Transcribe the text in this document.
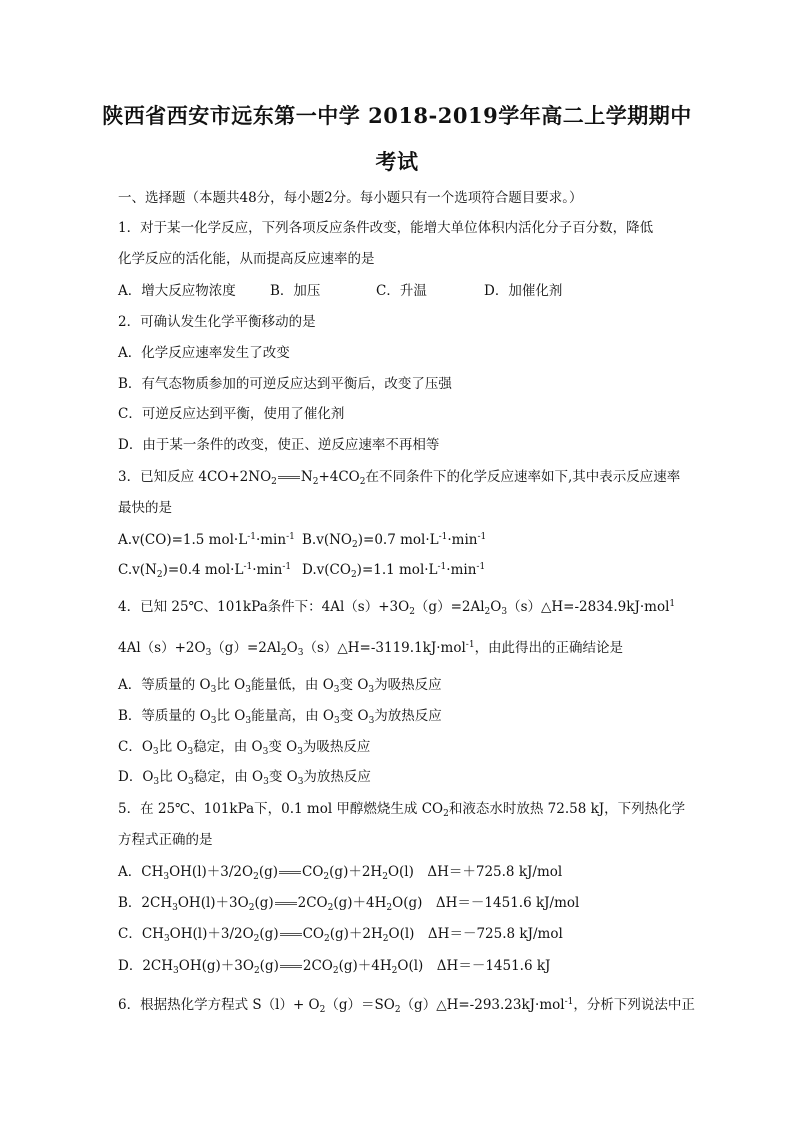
陕西省西安市远东第一中学 2018-2019学年高二上学期期中
考试
一、选择题（本题共48分，每小题2分。每小题只有一个选项符合题目要求。）
1．对于某一化学反应，下列各项反应条件改变，能增大单位体积内活化分子百分数，降低
化学反应的活化能，从而提高反应速率的是
A．增大反应物浓度	B．加压	C．升温	D．加催化剂
2．可确认发生化学平衡移动的是
A．化学反应速率发生了改变
B．有气态物质参加的可逆反应达到平衡后，改变了压强
C．可逆反应达到平衡，使用了催化剂
D．由于某一条件的改变，使正、逆反应速率不再相等
3．已知反应 $4CO+2NO_2$ $N_2+4CO_2$在不同条件下的化学反应速率如下,其中表示反应速率
最快的是
A.v(CO)=1.5 $mol\cdot L^{-1}\cdot\min^{-1}$ $B.v(NO_2)=0.7$ $mol\cdot L^{-1}\cdot\min^{-1}$
$C.v(N_2)=0.4$ $mol\cdot L^{-1}\cdot\min^{-1}$ $D.v(CO_2)=1.1$ $mol\cdot L^{-1}\cdot\min^{-1}$
4．已知 25℃、101kPa条件下：$4Al(s)+3O_2(g)=2Al_2O_3(s)\triangle H=-2834.9kJ\cdot mol^1$
$4Al(s)+2O_3(g)=2Al_2O_3(s)\triangle H=-3119.1kJ\cdot mol^{-1}$，由此得出的正确结论是
A．等质量的 $O_3$比 $O_3$能量低，由 $O_3$变 $O_3$为吸热反应
B．等质量的 $O_3$比 $O_3$能量高，由 $O_3$变 $O_3$为放热反应
C．$O_3$比 $O_3$稳定，由 $O_3$变 $O_3$为吸热反应
D．$O_3$比 $O_3$稳定，由 $O_3$变 $O_3$为放热反应
5．在 25℃、101kPa下，0.1 mol 甲醇燃烧生成 $CO_2$和液态水时放热 72.58 kJ，下列热化学
方程式正确的是
A．$CH_3OH(l)+3/2O_2(g)$ $CO_2(g)+2H_2O(l)$　ΔH＝＋725.8 kJ/mol
B．$2CH_3OH(l)+3O_2(g)$ $2CO_2(g)+4H_2O(g)$　ΔH＝－1451.6 kJ/mol
C．$CH_3OH(l)+3/2O_2(g)$ $CO_2(g)+2H_2O(l)$　ΔH＝－725.8 kJ/mol
D．$2CH_3OH(g)+3O_2(g)$ $2CO_2(g)+4H_2O(l)$　ΔH＝－1451.6 kJ
6．根据热化学方程式 $S(l)+ O_2(g)=SO_2(g)\triangle H=-293.23kJ\cdot mol^{-1}$，分析下列说法中正
